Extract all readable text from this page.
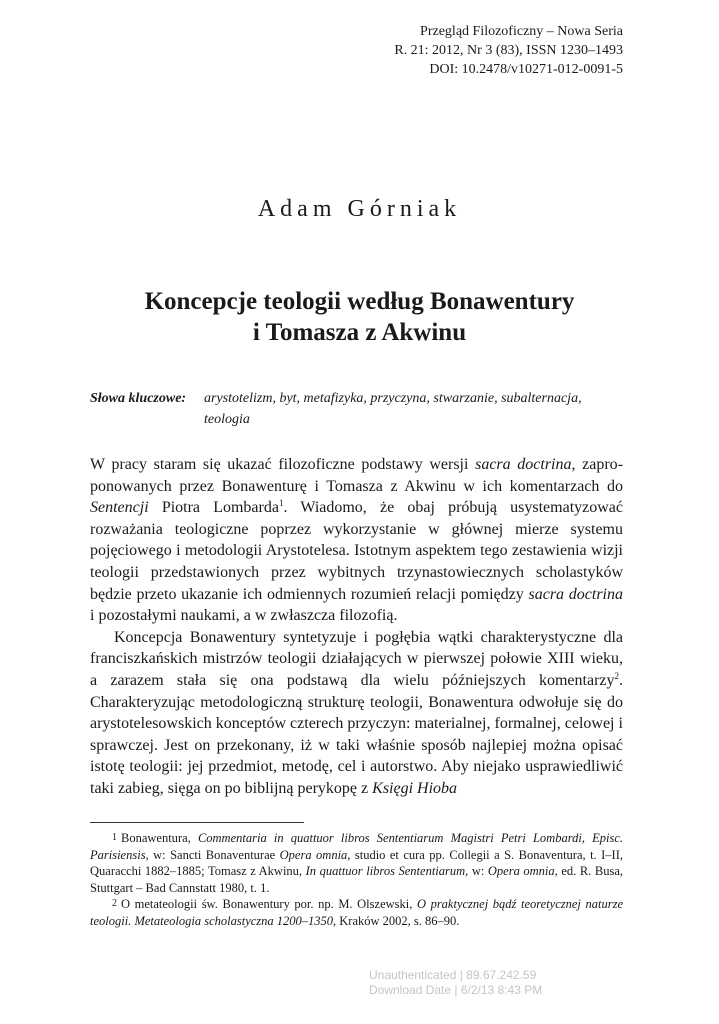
Przegląd Filozoficzny – Nowa Seria
R. 21: 2012, Nr 3 (83), ISSN 1230–1493
DOI: 10.2478/v10271-012-0091-5
Adam Górniak
Koncepcje teologii według Bonawentury
i Tomasza z Akwinu
Słowa kluczowe:	arystotelizm, byt, metafizyka, przyczyna, stwarzanie, subalternacja, teologia

W pracy staram się ukazać filozoficzne podstawy wersji sacra doctrina, zaproponowanych przez Bonawenturę i Tomasza z Akwinu w ich komentarzach do Sentencji Piotra Lombarda$^1$. Wiadomo, że obaj próbują usystematyzować rozważania teologiczne poprzez wykorzystanie w głównej mierze systemu pojęciowego i metodologii Arystotelesa. Istotnym aspektem tego zestawienia wizji teologii przedstawionych przez wybitnych trzynastowiecznych scholastyków będzie przeto ukazanie ich odmiennych rozumień relacji pomiędzy sacra doctrina i pozostałymi naukami, a w zwłaszcza filozofią.

Koncepcja Bonawentury syntetyzuje i pogłębia wątki charakterystyczne dla franciszkańskich mistrzów teologii działających w pierwszej połowie XIII wieku, a zarazem stała się ona podstawą dla wielu późniejszych komentarzy$^2$. Charakteryzując metodologiczną strukturę teologii, Bonawentura odwołuje się do arystotelesowskich konceptów czterech przyczyn: materialnej, formalnej, celowej i sprawczej. Jest on przekonany, iż w taki właśnie sposób najlepiej można opisać istotę teologii: jej przedmiot, metodę, cel i autorstwo. Aby niejako usprawiedliwić taki zabieg, sięga on po biblijną perykopę z Księgi Hioba

1 Bonawentura, Commentaria in quattuor libros Sententiarum Magistri Petri Lombardi, Episc. Parisiensis, w: Sancti Bonaventurae Opera omnia, studio et cura pp. Collegii a S. Bonaventura, t. I–II, Quaracchi 1882–1885; Tomasz z Akwinu, In quattuor libros Sententiarum, w: Opera omnia, ed. R. Busa, Stuttgart – Bad Cannstatt 1980, t. 1.

2 O metateologii św. Bonawentury por. np. M. Olszewski, O praktycznej bądź teoretycznej naturze teologii. Metateologia scholastyczna 1200–1350, Kraków 2002, s. 86–90.

Unauthenticated | 89.67.242.59
Download Date | 6/2/13 8:43 PM
